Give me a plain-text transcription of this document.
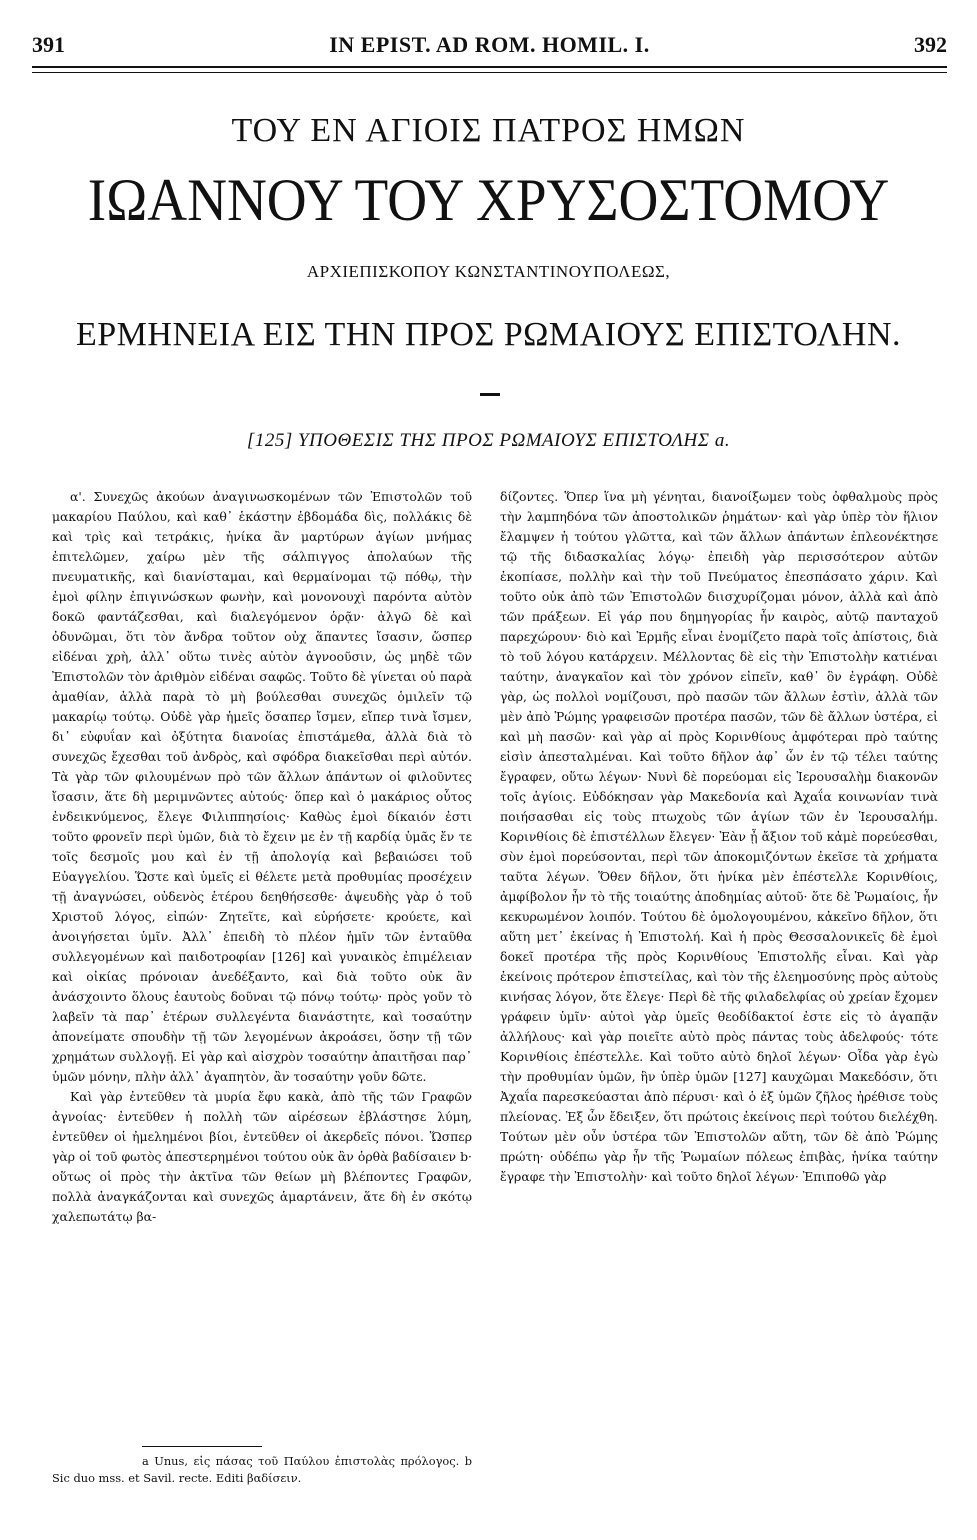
391	IN EPIST. AD ROM. HOMIL. I.	392
ΤΟΥ ΕΝ ΑΓΙΟΙΣ ΠΑΤΡΟΣ ΗΜΩΝ
ΙΩΑΝΝΟΥ ΤΟΥ ΧΡΥΣΟΣΤΟΜΟΥ
ΑΡΧΙΕΠΙΣΚΟΠΟΥ ΚΩΝΣΤΑΝΤΙΝΟΥΠΟΛΕΩΣ,
ΕΡΜΗΝΕΙΑ ΕΙΣ ΤΗΝ ΠΡΟΣ ΡΩΜΑΙΟΥΣ ΕΠΙΣΤΟΛΗΝ.
[125] ΥΠΟΘΕΣΙΣ ΤΗΣ ΠΡΟΣ ΡΩΜΑΙΟΥΣ ΕΠΙΣΤΟΛΗΣ a.

α'. Συνεχῶς ἀκούων ἀναγινωσκομένων τῶν Ἐπιστολῶν τοῦ μακαρίου Παύλου, καὶ καθ᾽ ἑκάστην ἑβδομάδα δὶς, πολλάκις δὲ καὶ τρὶς καὶ τετράκις, ἡνίκα ἂν μαρτύρων ἁγίων μνήμας ἐπιτελῶμεν, χαίρω μὲν τῆς σάλπιγγος ἀπολαύων τῆς πνευματικῆς, καὶ διανίσταμαι, καὶ θερμαίνομαι τῷ πόθῳ, τὴν ἐμοὶ φίλην ἐπιγινώσκων φωνὴν, καὶ μονονουχὶ παρόντα αὐτὸν δοκῶ φαντάζεσθαι, καὶ διαλεγόμενον ὁρᾷν· ἀλγῶ δὲ καὶ ὀδυνῶμαι, ὅτι τὸν ἄνδρα τοῦτον οὐχ ἅπαντες ἴσασιν, ὥσπερ εἰδέναι χρὴ, ἀλλ᾽ οὕτω τινὲς αὐτὸν ἀγνοοῦσιν, ὡς μηδὲ τῶν Ἐπιστολῶν τὸν ἀριθμὸν εἰδέναι σαφῶς. Τοῦτο δὲ γίνεται οὐ παρὰ ἀμαθίαν, ἀλλὰ παρὰ τὸ μὴ βούλεσθαι συνεχῶς ὁμιλεῖν τῷ μακαρίῳ τούτῳ. Οὐδὲ γὰρ ἡμεῖς ὅσαπερ ἴσμεν, εἴπερ τινὰ ἴσμεν, δι᾽ εὐφυΐαν καὶ ὀξύτητα διανοίας ἐπιστάμεθα, ἀλλὰ διὰ τὸ συνεχῶς ἔχεσθαι τοῦ ἀνδρὸς, καὶ σφόδρα διακεῖσθαι περὶ αὐτόν. Τὰ γὰρ τῶν φιλουμένων πρὸ τῶν ἄλλων ἁπάντων οἱ φιλοῦντες ἴσασιν, ἅτε δὴ μεριμνῶντες αὐτούς· ὅπερ καὶ ὁ μακάριος οὗτος ἐνδεικνύμενος, ἔλεγε Φιλιππησίοις· Καθὼς ἐμοὶ δίκαιόν ἐστι τοῦτο φρονεῖν περὶ ὑμῶν, διὰ τὸ ἔχειν με ἐν τῇ καρδίᾳ ὑμᾶς ἔν τε τοῖς δεσμοῖς μου καὶ ἐν τῇ ἀπολογίᾳ καὶ βεβαιώσει τοῦ Εὐαγγελίου. Ὥστε καὶ ὑμεῖς εἰ θέλετε μετὰ προθυμίας προσέχειν τῇ ἀναγνώσει, οὐδενὸς ἑτέρου δεηθήσεσθε· ἀψευδὴς γὰρ ὁ τοῦ Χριστοῦ λόγος, εἰπών· Ζητεῖτε, καὶ εὑρήσετε· κρούετε, καὶ ἀνοιγήσεται ὑμῖν. Ἀλλ᾽ ἐπειδὴ τὸ πλέον ἡμῖν τῶν ἐνταῦθα συλλεγομένων καὶ παιδοτροφίαν [126] καὶ γυναικὸς ἐπιμέλειαν καὶ οἰκίας πρόνοιαν ἀνεδέξαντο, καὶ διὰ τοῦτο οὐκ ἂν ἀνάσχοιντο ὅλους ἑαυτοὺς δοῦναι τῷ πόνῳ τούτῳ· πρὸς γοῦν τὸ λαβεῖν τὰ παρ᾽ ἑτέρων συλλεγέντα διανάστητε, καὶ τοσαύτην ἀπονείματε σπουδὴν τῇ τῶν λεγομένων ἀκροάσει, ὅσην τῇ τῶν χρημάτων συλλογῇ. Εἰ γὰρ καὶ αἰσχρὸν τοσαύτην ἀπαιτῆσαι παρ᾽ ὑμῶν μόνην, πλὴν ἀλλ᾽ ἀγαπητὸν, ἂν τοσαύτην γοῦν δῶτε.

Καὶ γὰρ ἐντεῦθεν τὰ μυρία ἔφυ κακὰ, ἀπὸ τῆς τῶν Γραφῶν ἀγνοίας· ἐντεῦθεν ἡ πολλὴ τῶν αἱρέσεων ἐβλάστησε λύμη, ἐντεῦθεν οἱ ἠμελημένοι βίοι, ἐντεῦθεν οἱ ἀκερδεῖς πόνοι. Ὥσπερ γὰρ οἱ τοῦ φωτὸς ἀπεστερημένοι τούτου οὐκ ἂν ὀρθὰ βαδίσαιεν b· οὕτως οἱ πρὸς τὴν ἀκτῖνα τῶν θείων μὴ βλέποντες Γραφῶν, πολλὰ ἀναγκάζονται καὶ συνεχῶς ἁμαρτάνειν, ἅτε δὴ ἐν σκότῳ χαλεπωτάτῳ βα-

δίζοντες. Ὅπερ ἵνα μὴ γένηται, διανοίξωμεν τοὺς ὀφθαλμοὺς πρὸς τὴν λαμπηδόνα τῶν ἀποστολικῶν ῥημάτων· καὶ γὰρ ὑπὲρ τὸν ἥλιον ἔλαμψεν ἡ τούτου γλῶττα, καὶ τῶν ἄλλων ἁπάντων ἐπλεονέκτησε τῷ τῆς διδασκαλίας λόγῳ· ἐπειδὴ γὰρ περισσότερον αὐτῶν ἐκοπίασε, πολλὴν καὶ τὴν τοῦ Πνεύματος ἐπεσπάσατο χάριν. Καὶ τοῦτο οὐκ ἀπὸ τῶν Ἐπιστολῶν διισχυρίζομαι μόνον, ἀλλὰ καὶ ἀπὸ τῶν πράξεων. Εἰ γάρ που δημηγορίας ἦν καιρὸς, αὐτῷ πανταχοῦ παρεχώρουν· διὸ καὶ Ἑρμῆς εἶναι ἐνομίζετο παρὰ τοῖς ἀπίστοις, διὰ τὸ τοῦ λόγου κατάρχειν. Μέλλοντας δὲ εἰς τὴν Ἐπιστολὴν κατιέναι ταύτην, ἀναγκαῖον καὶ τὸν χρόνον εἰπεῖν, καθ᾽ ὃν ἐγράφη. Οὐδὲ γὰρ, ὡς πολλοὶ νομίζουσι, πρὸ πασῶν τῶν ἄλλων ἐστὶν, ἀλλὰ τῶν μὲν ἀπὸ Ῥώμης γραφεισῶν προτέρα πασῶν, τῶν δὲ ἄλλων ὑστέρα, εἰ καὶ μὴ πασῶν· καὶ γὰρ αἱ πρὸς Κορινθίους ἀμφότεραι πρὸ ταύτης εἰσὶν ἀπεσταλμέναι. Καὶ τοῦτο δῆλον ἀφ᾽ ὧν ἐν τῷ τέλει ταύτης ἔγραφεν, οὕτω λέγων· Νυνὶ δὲ πορεύομαι εἰς Ἱερουσαλὴμ διακονῶν τοῖς ἁγίοις. Εὐδόκησαν γὰρ Μακεδονία καὶ Ἀχαΐα κοινωνίαν τινὰ ποιήσασθαι εἰς τοὺς πτωχοὺς τῶν ἁγίων τῶν ἐν Ἱερουσαλήμ. Κορινθίοις δὲ ἐπιστέλλων ἔλεγεν· Ἐὰν ᾖ ἄξιον τοῦ κἀμὲ πορεύεσθαι, σὺν ἐμοὶ πορεύσονται, περὶ τῶν ἀποκομιζόντων ἐκεῖσε τὰ χρήματα ταῦτα λέγων. Ὅθεν δῆλον, ὅτι ἡνίκα μὲν ἐπέστελλε Κορινθίοις, ἀμφίβολον ἦν τὸ τῆς τοιαύτης ἀποδημίας αὐτοῦ· ὅτε δὲ Ῥωμαίοις, ἦν κεκυρωμένον λοιπόν. Τούτου δὲ ὁμολογουμένου, κἀκεῖνο δῆλον, ὅτι αὕτη μετ᾽ ἐκείνας ἡ Ἐπιστολή. Καὶ ἡ πρὸς Θεσσαλονικεῖς δὲ ἐμοὶ δοκεῖ προτέρα τῆς πρὸς Κορινθίους Ἐπιστολῆς εἶναι. Καὶ γὰρ ἐκείνοις πρότερον ἐπιστείλας, καὶ τὸν τῆς ἐλεημοσύνης πρὸς αὐτοὺς κινήσας λόγον, ὅτε ἔλεγε· Περὶ δὲ τῆς φιλαδελφίας οὐ χρείαν ἔχομεν γράφειν ὑμῖν· αὐτοὶ γὰρ ὑμεῖς θεοδίδακτοί ἐστε εἰς τὸ ἀγαπᾷν ἀλλήλους· καὶ γὰρ ποιεῖτε αὐτὸ πρὸς πάντας τοὺς ἀδελφούς· τότε Κορινθίοις ἐπέστελλε. Καὶ τοῦτο αὐτὸ δηλοῖ λέγων· Οἶδα γὰρ ἐγὼ τὴν προθυμίαν ὑμῶν, ἣν ὑπὲρ ὑμῶν [127] καυχῶμαι Μακεδόσιν, ὅτι Ἀχαΐα παρεσκεύασται ἀπὸ πέρυσι· καὶ ὁ ἐξ ὑμῶν ζῆλος ἠρέθισε τοὺς πλείονας. Ἐξ ὧν ἔδειξεν, ὅτι πρώτοις ἐκείνοις περὶ τούτου διελέχθη. Τούτων μὲν οὖν ὑστέρα τῶν Ἐπιστολῶν αὕτη, τῶν δὲ ἀπὸ Ῥώμης πρώτη· οὐδέπω γὰρ ἦν τῆς Ῥωμαίων πόλεως ἐπιβὰς, ἡνίκα ταύτην ἔγραφε τὴν Ἐπιστολὴν· καὶ τοῦτο δηλοῖ λέγων· Ἐπιποθῶ γὰρ

a Unus, εἰς πάσας τοῦ Παύλου ἐπιστολὰς πρόλογος. b Sic duo mss. et Savil. recte. Editi βαδίσειν.
